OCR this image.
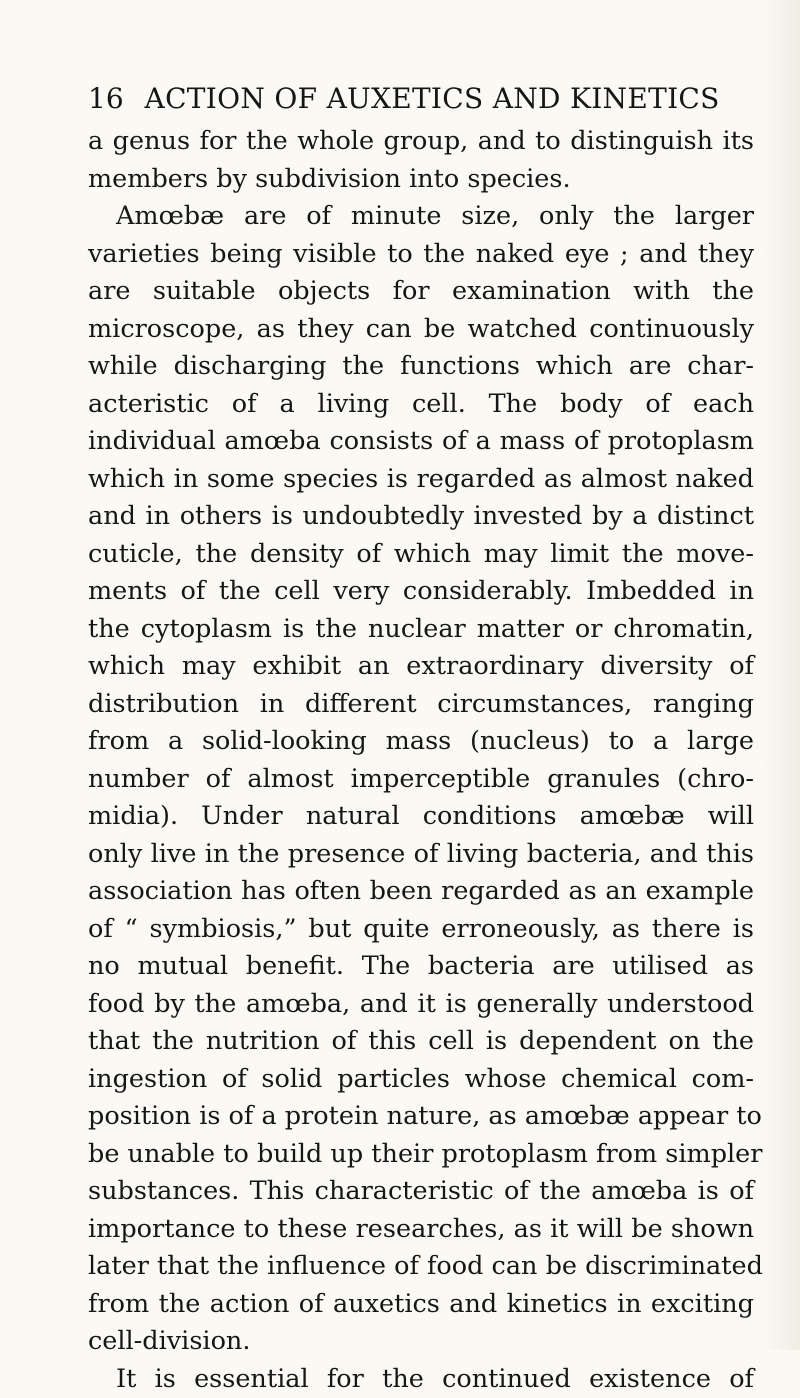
16 ACTION OF AUXETICS AND KINETICS
a genus for the whole group, and to distinguish its
members by subdivision into species.
Amœbæ are of minute size, only the larger
varieties being visible to the naked eye ; and they
are suitable objects for examination with the
microscope, as they can be watched continuously
while discharging the functions which are char-
acteristic of a living cell. The body of each
individual amœba consists of a mass of protoplasm
which in some species is regarded as almost naked
and in others is undoubtedly invested by a distinct
cuticle, the density of which may limit the move-
ments of the cell very considerably. Imbedded in
the cytoplasm is the nuclear matter or chromatin,
which may exhibit an extraordinary diversity of
distribution in different circumstances, ranging
from a solid-looking mass (nucleus) to a large
number of almost imperceptible granules (chro-
midia). Under natural conditions amœbæ will
only live in the presence of living bacteria, and this
association has often been regarded as an example
of “ symbiosis,” but quite erroneously, as there is
no mutual benefit. The bacteria are utilised as
food by the amœba, and it is generally understood
that the nutrition of this cell is dependent on the
ingestion of solid particles whose chemical com-
position is of a protein nature, as amœbæ appear to
be unable to build up their protoplasm from simpler
substances. This characteristic of the amœba is of
importance to these researches, as it will be shown
later that the influence of food can be discriminated
from the action of auxetics and kinetics in exciting
cell-division.
It is essential for the continued existence of
